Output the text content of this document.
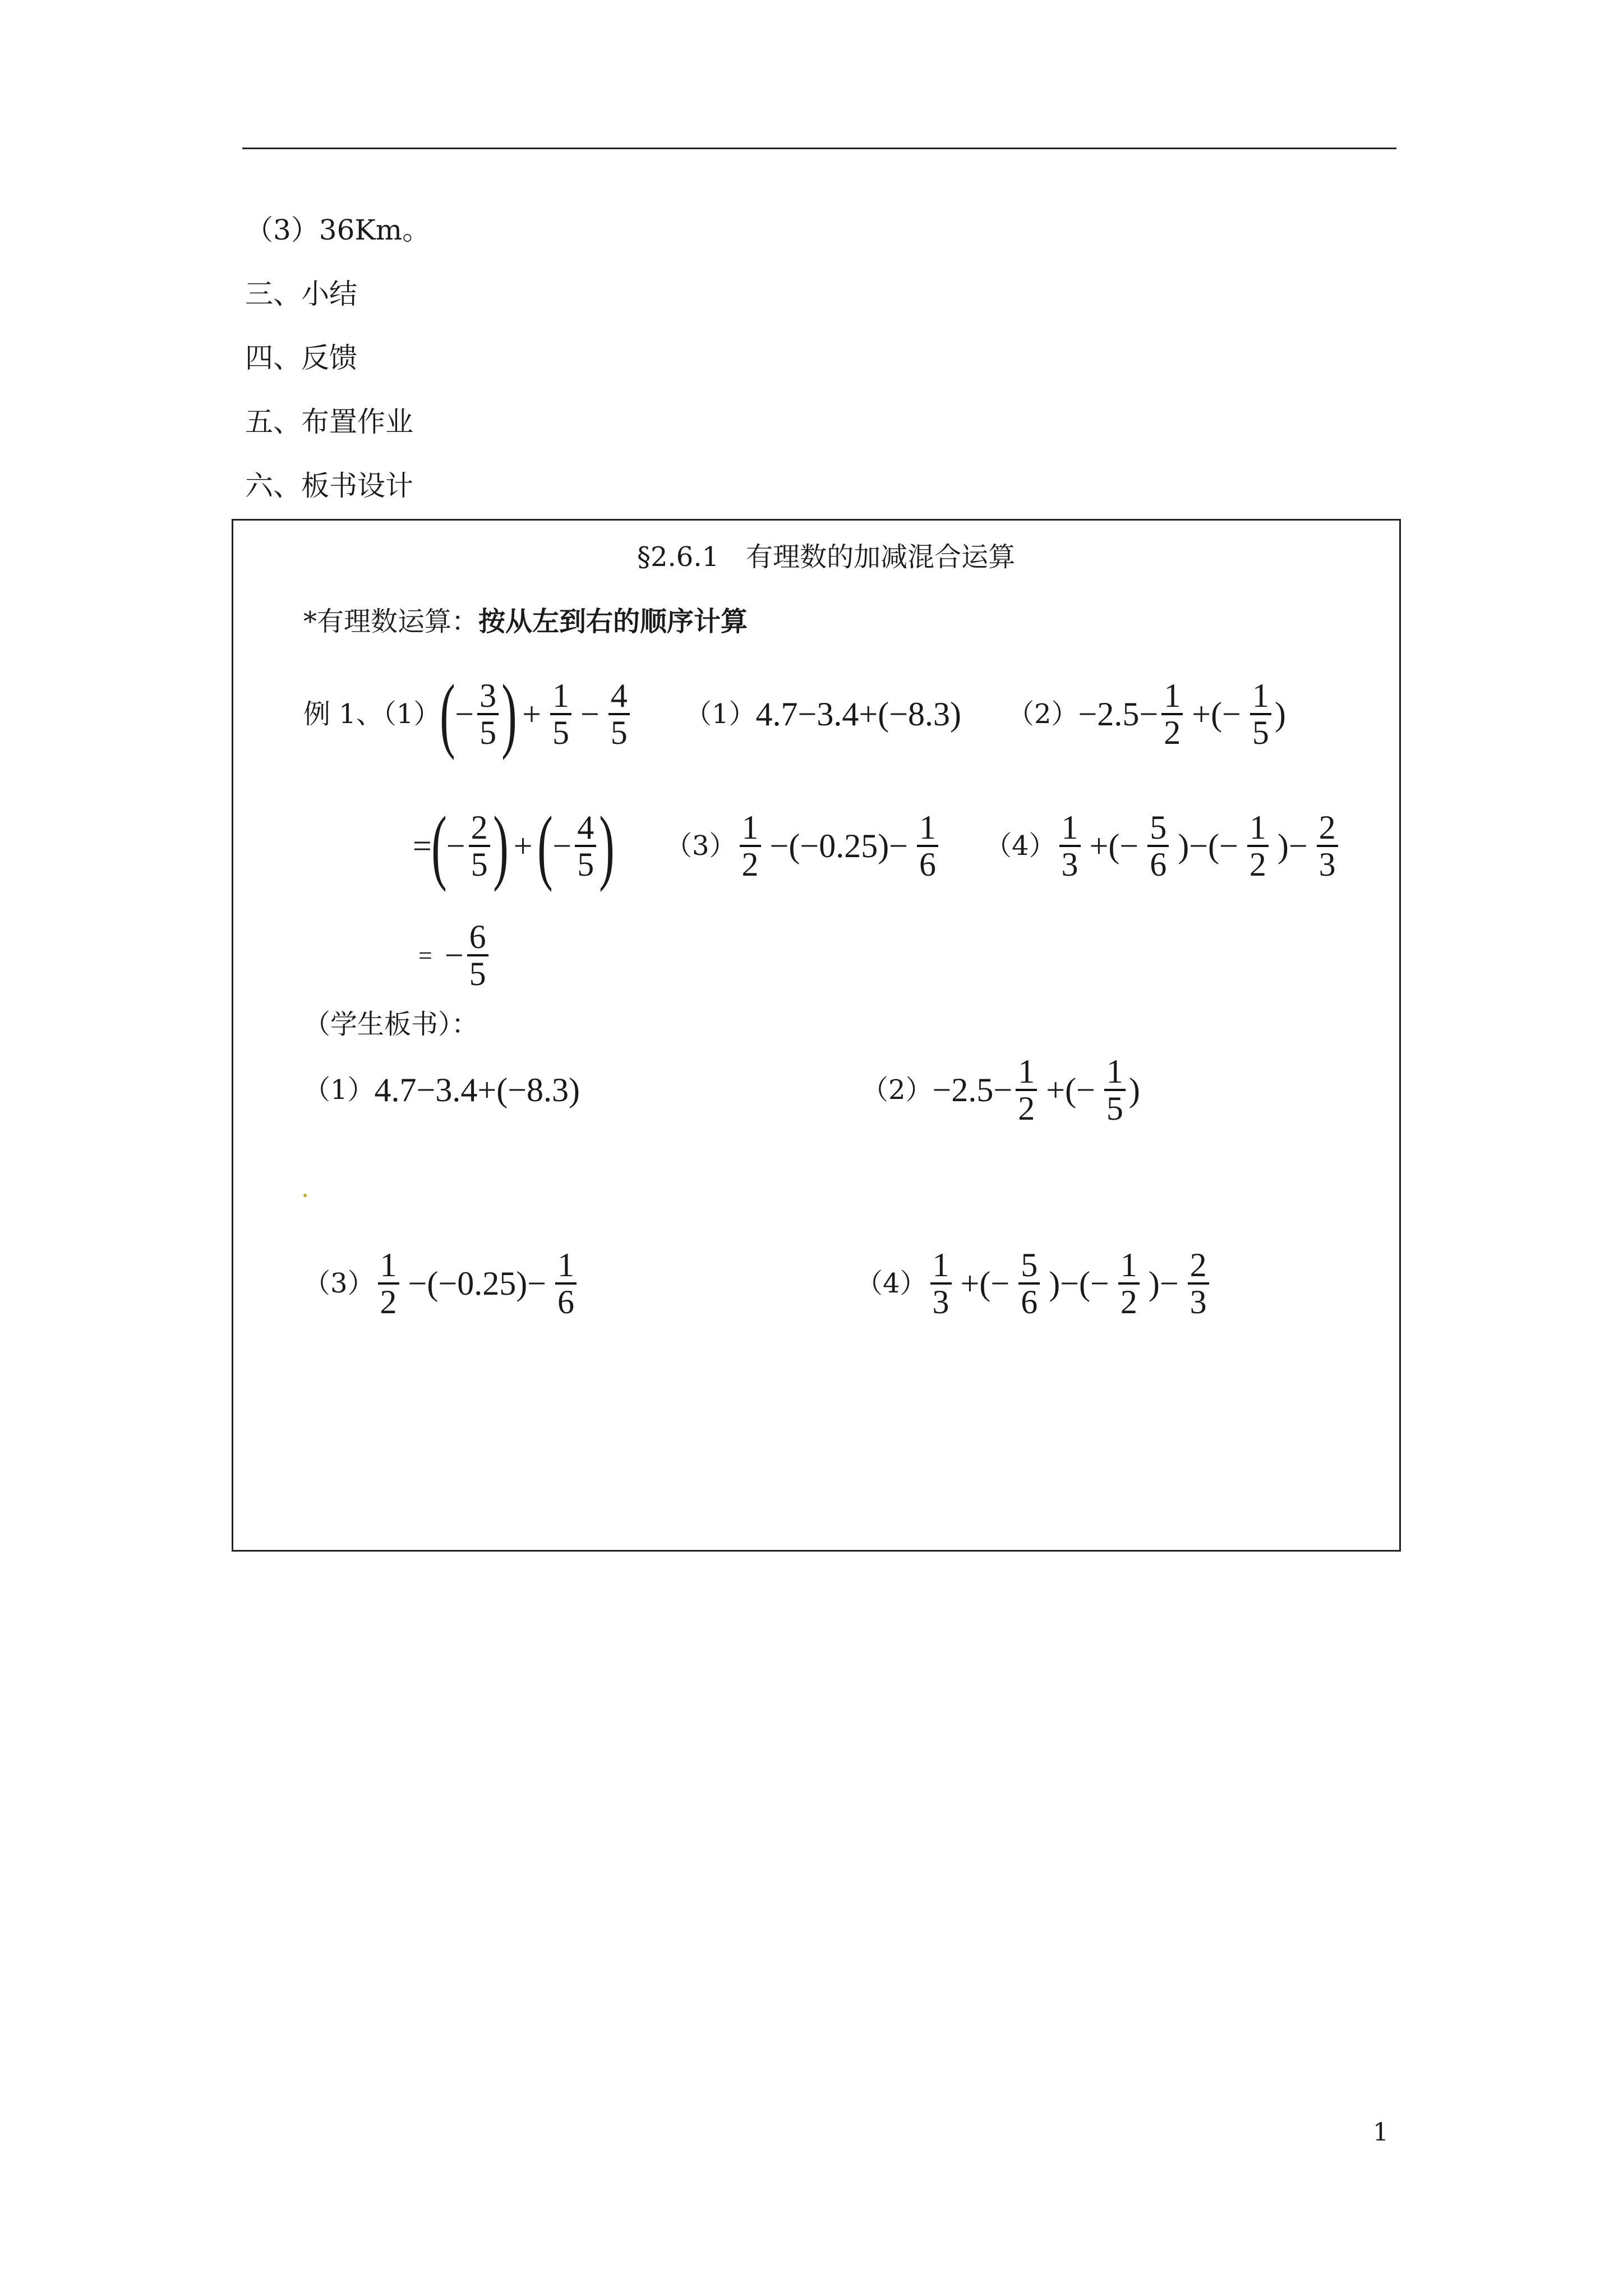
（3）36Km。
三、小结
四、反馈
五、布置作业
六、板书设计
§2.6.1　有理数的加减混合运算
*有理数运算：按从左到右的顺序计算
例 1、（1） ( − $\frac{3}{5}$ ) + $\frac{1}{5} - \frac{4}{5} (1)$ 4.7−3.4+(−8.3) $(2) -2.5- \frac{1}{2}$ +(− $\frac{1}{5}$ )
= ( − $\frac{2}{5}$ ) + ( − $\frac{4}{5}$ ) $(3) \frac{1}{2} -(-0.25)- \frac{1}{6} (4) \frac{1}{3}$ +(− $\frac{5}{6}$ )−(− $\frac{1}{2}$ )− $\frac{2}{3}$
= − $\frac{6}{5}$
（学生板书）：
（1） 4.7−3.4+(−8.3)	$(2) -2.5- \frac{1}{2}$ +(− $\frac{1}{5}$ )
$(3) \frac{1}{2} -(-0.25)- \frac{1}{6}$	$(4) \frac{1}{3}$ +(− $\frac{5}{6}$ )−(− $\frac{1}{2}$ )− $\frac{2}{3}$
1
